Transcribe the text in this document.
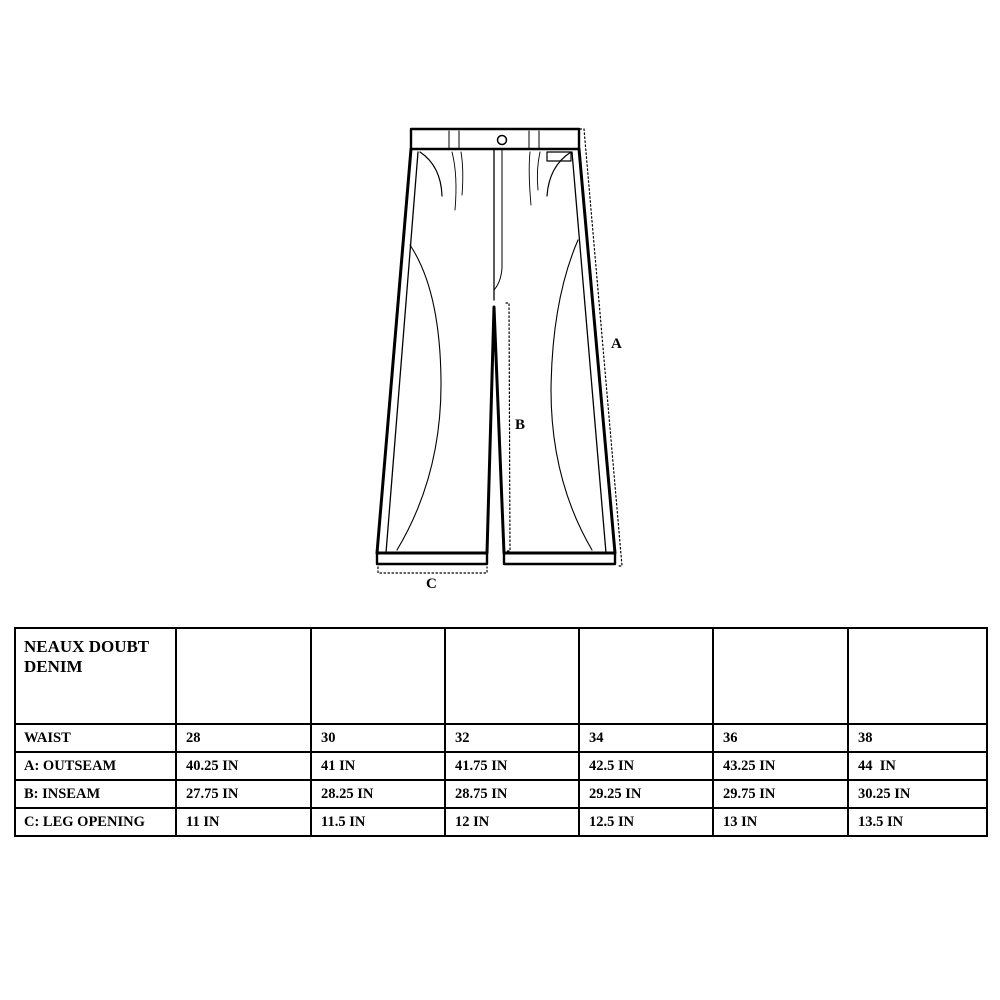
A
B
C
NEAUX DOUBT DENIM						
WAIST	28	30	32	34	36	38
A: OUTSEAM	40.25 IN	41 IN	41.75 IN	42.5 IN	43.25 IN	44  IN
B: INSEAM	27.75 IN	28.25 IN	28.75 IN	29.25 IN	29.75 IN	30.25 IN
C: LEG OPENING	11 IN	11.5 IN	12 IN	12.5 IN	13 IN	13.5 IN
